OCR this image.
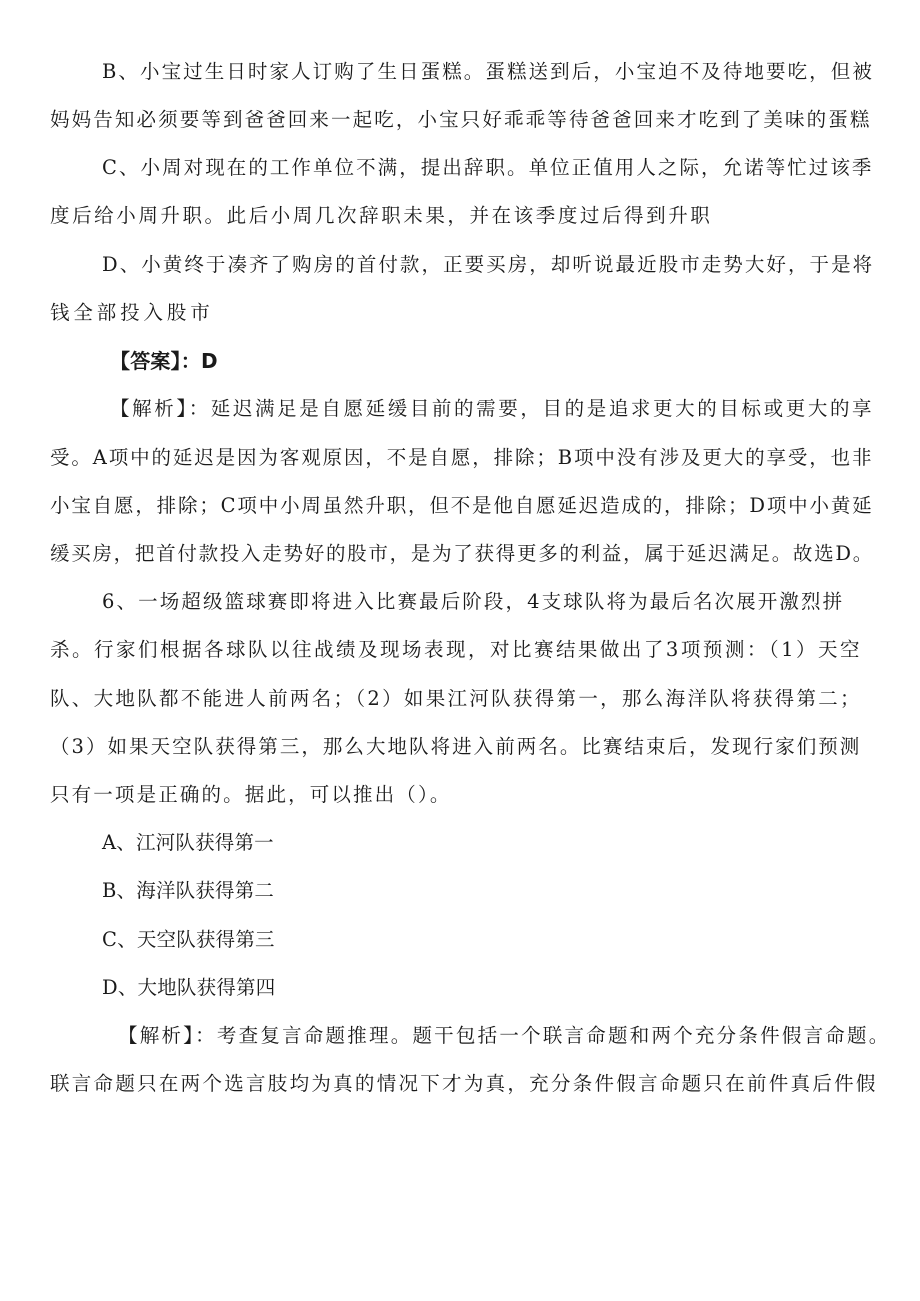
B、小宝过生日时家人订购了生日蛋糕。蛋糕送到后，小宝迫不及待地要吃，但被
妈妈告知必须要等到爸爸回来一起吃，小宝只好乖乖等待爸爸回来才吃到了美味的蛋糕
C、小周对现在的工作单位不满，提出辞职。单位正值用人之际，允诺等忙过该季
度后给小周升职。此后小周几次辞职未果，并在该季度过后得到升职
D、小黄终于凑齐了购房的首付款，正要买房，却听说最近股市走势大好，于是将
钱全部投入股市
【答案】：D
【解析】：延迟满足是自愿延缓目前的需要，目的是追求更大的目标或更大的享
受。A项中的延迟是因为客观原因，不是自愿，排除；B项中没有涉及更大的享受，也非
小宝自愿，排除；C项中小周虽然升职，但不是他自愿延迟造成的，排除；D项中小黄延
缓买房，把首付款投入走势好的股市，是为了获得更多的利益，属于延迟满足。故选D。
6、一场超级篮球赛即将进入比赛最后阶段，4支球队将为最后名次展开激烈拼
杀。行家们根据各球队以往战绩及现场表现，对比赛结果做出了3项预测：（1）天空
队、大地队都不能进人前两名；（2）如果江河队获得第一，那么海洋队将获得第二；
（3）如果天空队获得第三，那么大地队将进入前两名。比赛结束后，发现行家们预测
只有一项是正确的。据此，可以推出（）。
A、江河队获得第一
B、海洋队获得第二
C、天空队获得第三
D、大地队获得第四
【解析】：考查复言命题推理。题干包括一个联言命题和两个充分条件假言命题。
联言命题只在两个选言肢均为真的情况下才为真，充分条件假言命题只在前件真后件假
